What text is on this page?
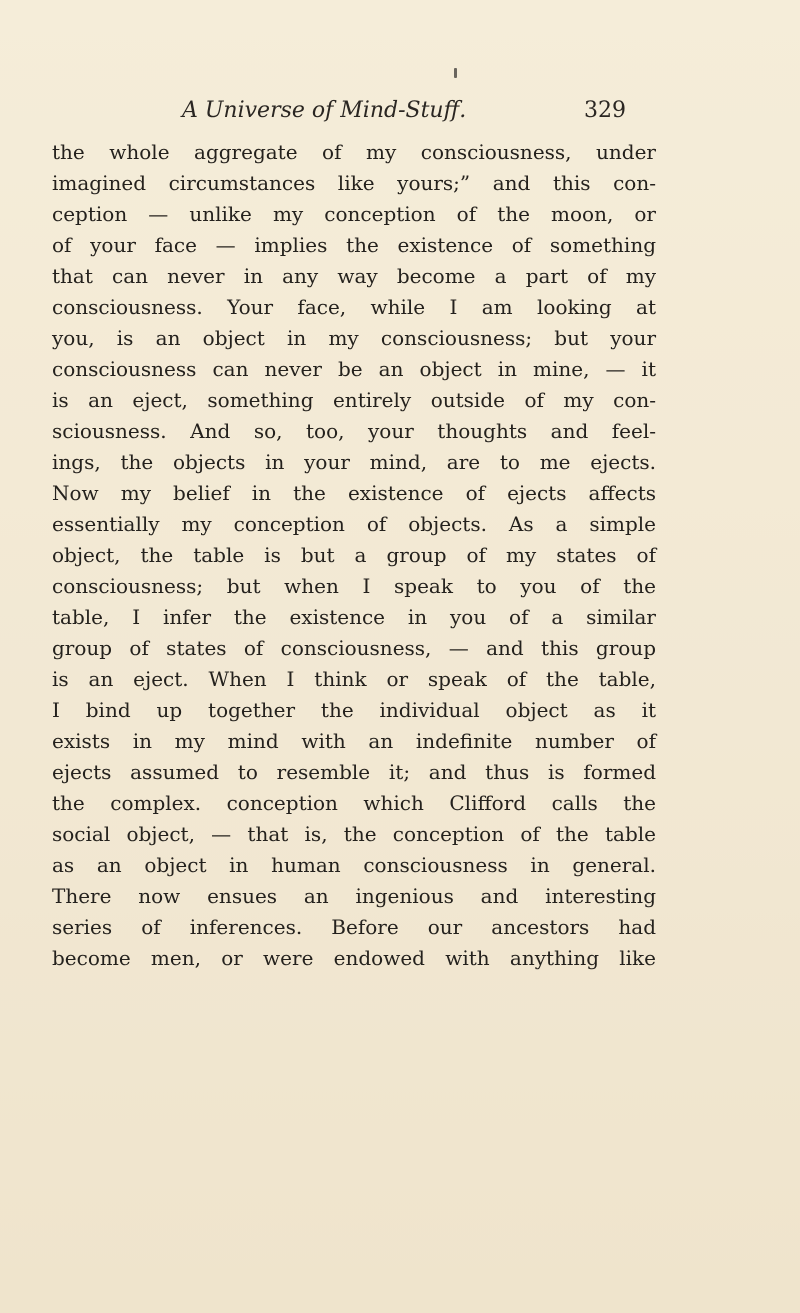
A Universe of Mind-Stuff.	329
the whole aggregate of my consciousness, under
imagined circumstances like yours;” and this con-
ception — unlike my conception of the moon, or
of your face — implies the existence of something
that can never in any way become a part of my
consciousness. Your face, while I am looking at
you, is an object in my consciousness; but your
consciousness can never be an object in mine, — it
is an eject, something entirely outside of my con-
sciousness. And so, too, your thoughts and feel-
ings, the objects in your mind, are to me ejects.
Now my belief in the existence of ejects affects
essentially my conception of objects. As a simple
object, the table is but a group of my states of
consciousness; but when I speak to you of the
table, I infer the existence in you of a similar
group of states of consciousness, — and this group
is an eject. When I think or speak of the table,
I bind up together the individual object as it
exists in my mind with an indefinite number of
ejects assumed to resemble it; and thus is formed
the complex. conception which Clifford calls the
social object, — that is, the conception of the table
as an object in human consciousness in general.
There now ensues an ingenious and interesting
series of inferences. Before our ancestors had
become men, or were endowed with anything like
